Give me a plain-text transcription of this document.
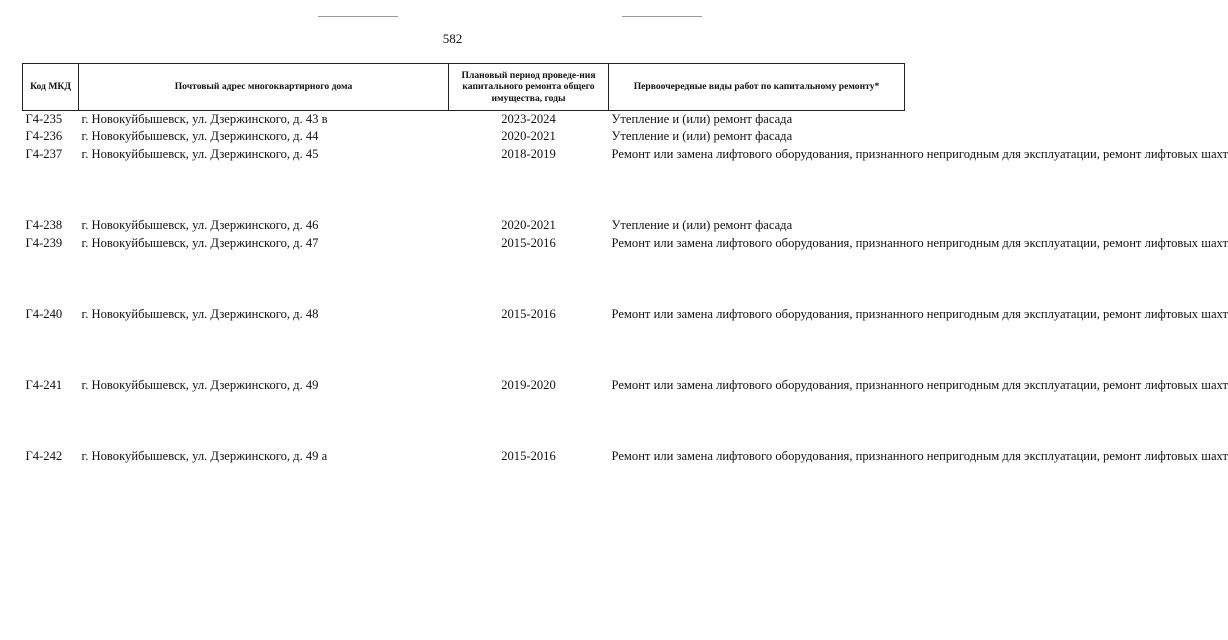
582
Код МКД	Почтовый адрес многоквартирного дома	Плановый период проведе-ния капитального ремонта общего имущества, годы	Первоочередные виды работ по капитальному ремонту*
Г4-235	г. Новокуйбышевск, ул. Дзержинского, д. 43 в	2023-2024	Утепление и (или) ремонт фасада
Г4-236	г. Новокуйбышевск, ул. Дзержинского, д. 44	2020-2021	Утепление и (или) ремонт фасада
Г4-237	г. Новокуйбышевск, ул. Дзержинского, д. 45	2018-2019	Ремонт или замена лифтового оборудования, признанного непригодным для эксплуатации, ремонт лифтовых шахт
Г4-238	г. Новокуйбышевск, ул. Дзержинского, д. 46	2020-2021	Утепление и (или) ремонт фасада
Г4-239	г. Новокуйбышевск, ул. Дзержинского, д. 47	2015-2016	Ремонт или замена лифтового оборудования, признанного непригодным для эксплуатации, ремонт лифтовых шахт
Г4-240	г. Новокуйбышевск, ул. Дзержинского, д. 48	2015-2016	Ремонт или замена лифтового оборудования, признанного непригодным для эксплуатации, ремонт лифтовых шахт
Г4-241	г. Новокуйбышевск, ул. Дзержинского, д. 49	2019-2020	Ремонт или замена лифтового оборудования, признанного непригодным для эксплуатации, ремонт лифтовых шахт
Г4-242	г. Новокуйбышевск, ул. Дзержинского, д. 49 а	2015-2016	Ремонт или замена лифтового оборудования, признанного непригодным для эксплуатации, ремонт лифтовых шахт
